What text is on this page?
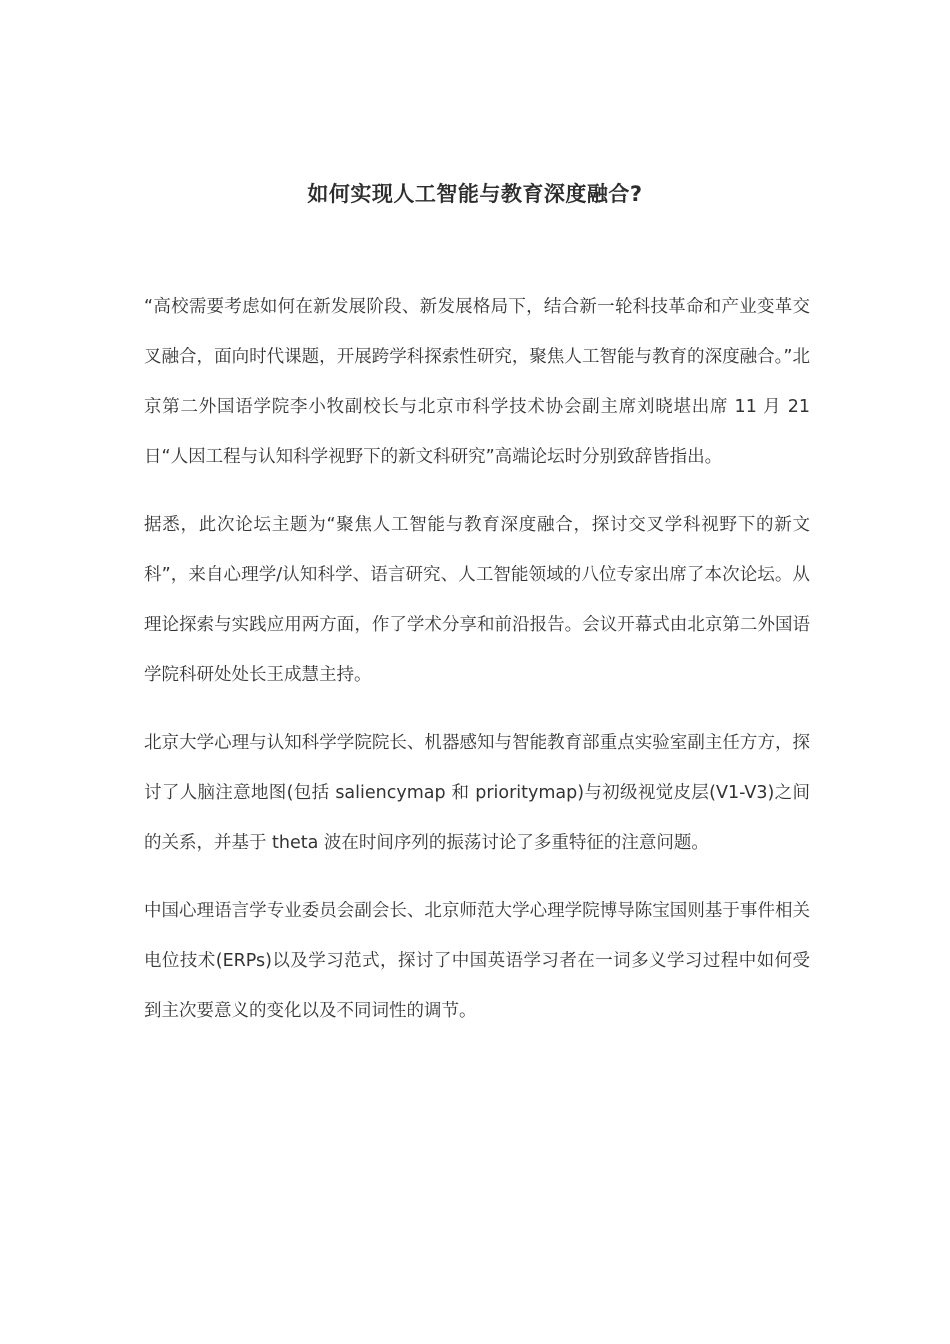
如何实现人工智能与教育深度融合?

“高校需要考虑如何在新发展阶段、新发展格局下，结合新一轮科技革命和产业变革交叉融合，面向时代课题，开展跨学科探索性研究，聚焦人工智能与教育的深度融合。”北京第二外国语学院李小牧副校长与北京市科学技术协会副主席刘晓堪出席 11 月 21 日“人因工程与认知科学视野下的新文科研究”高端论坛时分别致辞皆指出。

据悉，此次论坛主题为“聚焦人工智能与教育深度融合，探讨交叉学科视野下的新文科”，来自心理学/认知科学、语言研究、人工智能领域的八位专家出席了本次论坛。从理论探索与实践应用两方面，作了学术分享和前沿报告。会议开幕式由北京第二外国语学院科研处处长王成慧主持。

北京大学心理与认知科学学院院长、机器感知与智能教育部重点实验室副主任方方，探讨了人脑注意地图(包括 saliencymap 和 prioritymap)与初级视觉皮层(V1-V3)之间的关系，并基于 theta 波在时间序列的振荡讨论了多重特征的注意问题。

中国心理语言学专业委员会副会长、北京师范大学心理学院博导陈宝国则基于事件相关电位技术(ERPs)以及学习范式，探讨了中国英语学习者在一词多义学习过程中如何受到主次要意义的变化以及不同词性的调节。
